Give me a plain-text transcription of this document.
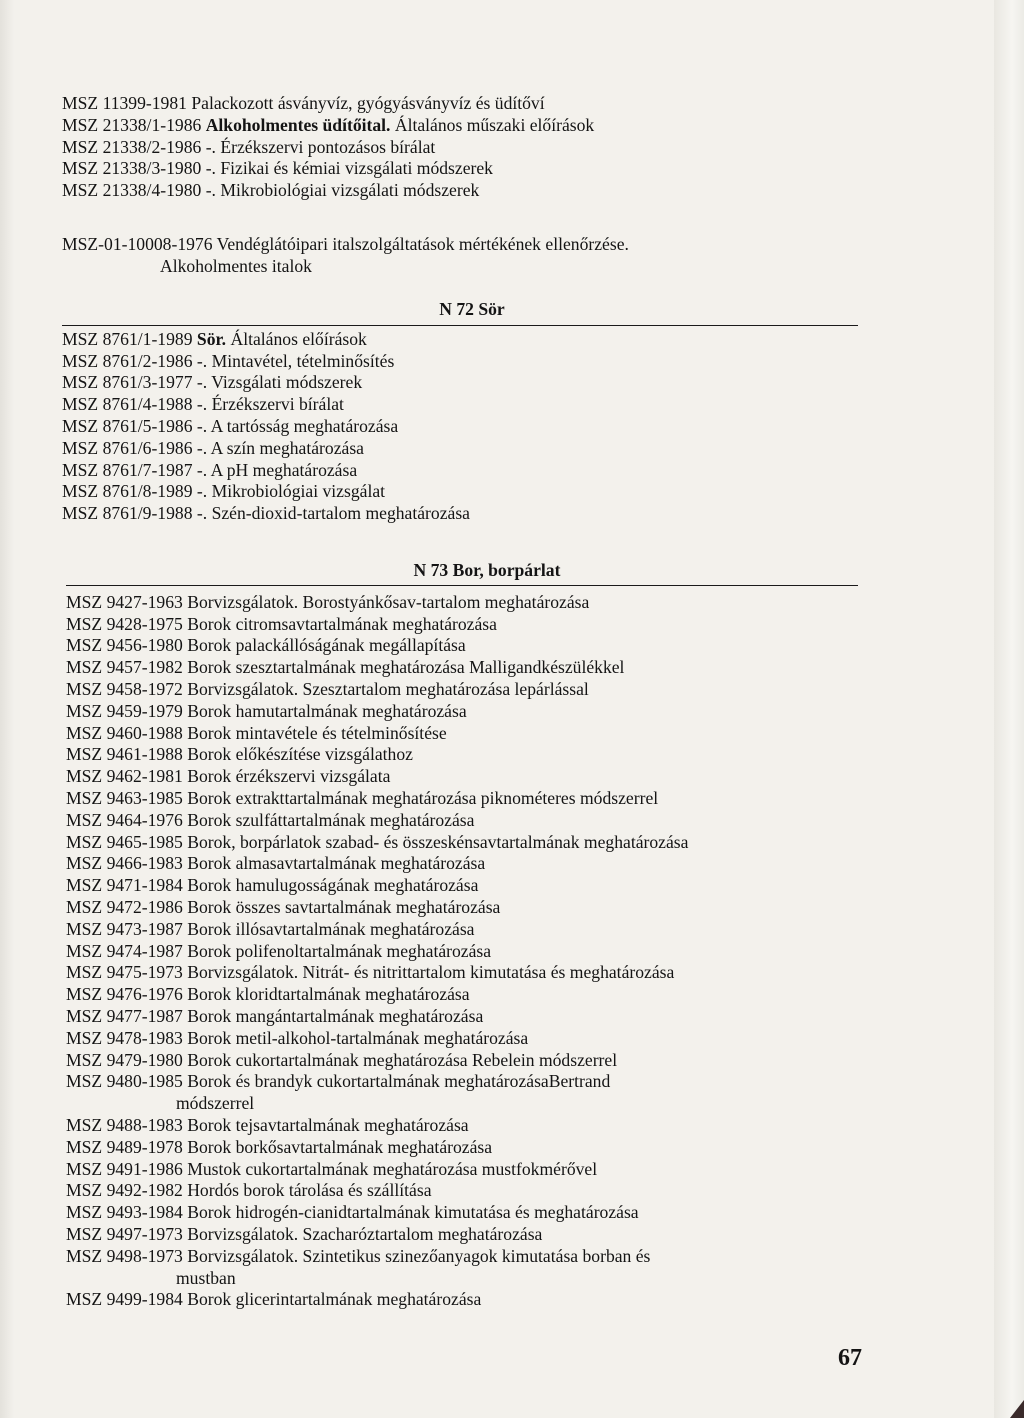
MSZ 11399-1981 Palackozott ásványvíz, gyógyásványvíz és üdítőví

MSZ 21338/1-1986 Alkoholmentes üdítőital. Általános műszaki előírások

MSZ 21338/2-1986 -. Érzékszervi pontozásos bírálat

MSZ 21338/3-1980 -. Fizikai és kémiai vizsgálati módszerek

MSZ 21338/4-1980 -. Mikrobiológiai vizsgálati módszerek

MSZ-01-10008-1976 Vendéglátóipari italszolgáltatások mértékének ellenőrzése.

Alkoholmentes italok

N 72 Sör

MSZ 8761/1-1989 Sör. Általános előírások

MSZ 8761/2-1986 -. Mintavétel, tételminősítés

MSZ 8761/3-1977 -. Vizsgálati módszerek

MSZ 8761/4-1988 -. Érzékszervi bírálat

MSZ 8761/5-1986 -. A tartósság meghatározása

MSZ 8761/6-1986 -. A szín meghatározása

MSZ 8761/7-1987 -. A pH meghatározása

MSZ 8761/8-1989 -. Mikrobiológiai vizsgálat

MSZ 8761/9-1988 -. Szén-dioxid-tartalom meghatározása

N 73 Bor, borpárlat

MSZ 9427-1963 Borvizsgálatok. Borostyánkősav-tartalom meghatározása

MSZ 9428-1975 Borok citromsavtartalmának meghatározása

MSZ 9456-1980 Borok palackállóságának megállapítása

MSZ 9457-1982 Borok szesztartalmának meghatározása Malligandkészülékkel

MSZ 9458-1972 Borvizsgálatok. Szesztartalom meghatározása lepárlással

MSZ 9459-1979 Borok hamutartalmának meghatározása

MSZ 9460-1988 Borok mintavétele és tételminősítése

MSZ 9461-1988 Borok előkészítése vizsgálathoz

MSZ 9462-1981 Borok érzékszervi vizsgálata

MSZ 9463-1985 Borok extrakttartalmának meghatározása piknométeres módszerrel

MSZ 9464-1976 Borok szulfáttartalmának meghatározása

MSZ 9465-1985 Borok, borpárlatok szabad- és összeskénsavtartalmának meghatározása

MSZ 9466-1983 Borok almasavtartalmának meghatározása

MSZ 9471-1984 Borok hamulugosságának meghatározása

MSZ 9472-1986 Borok összes savtartalmának meghatározása

MSZ 9473-1987 Borok illósavtartalmának meghatározása

MSZ 9474-1987 Borok polifenoltartalmának meghatározása

MSZ 9475-1973 Borvizsgálatok. Nitrát- és nitrittartalom kimutatása és meghatározása

MSZ 9476-1976 Borok kloridtartalmának meghatározása

MSZ 9477-1987 Borok mangántartalmának meghatározása

MSZ 9478-1983 Borok metil-alkohol-tartalmának meghatározása

MSZ 9479-1980 Borok cukortartalmának meghatározása Rebelein módszerrel

MSZ 9480-1985 Borok és brandyk cukortartalmának meghatározásaBertrand

módszerrel

MSZ 9488-1983 Borok tejsavtartalmának meghatározása

MSZ 9489-1978 Borok borkősavtartalmának meghatározása

MSZ 9491-1986 Mustok cukortartalmának meghatározása mustfokmérővel

MSZ 9492-1982 Hordós borok tárolása és szállítása

MSZ 9493-1984 Borok hidrogén-cianidtartalmának kimutatása és meghatározása

MSZ 9497-1973 Borvizsgálatok. Szacharóztartalom meghatározása

MSZ 9498-1973 Borvizsgálatok. Szintetikus szinezőanyagok kimutatása borban és

mustban

MSZ 9499-1984 Borok glicerintartalmának meghatározása

67
